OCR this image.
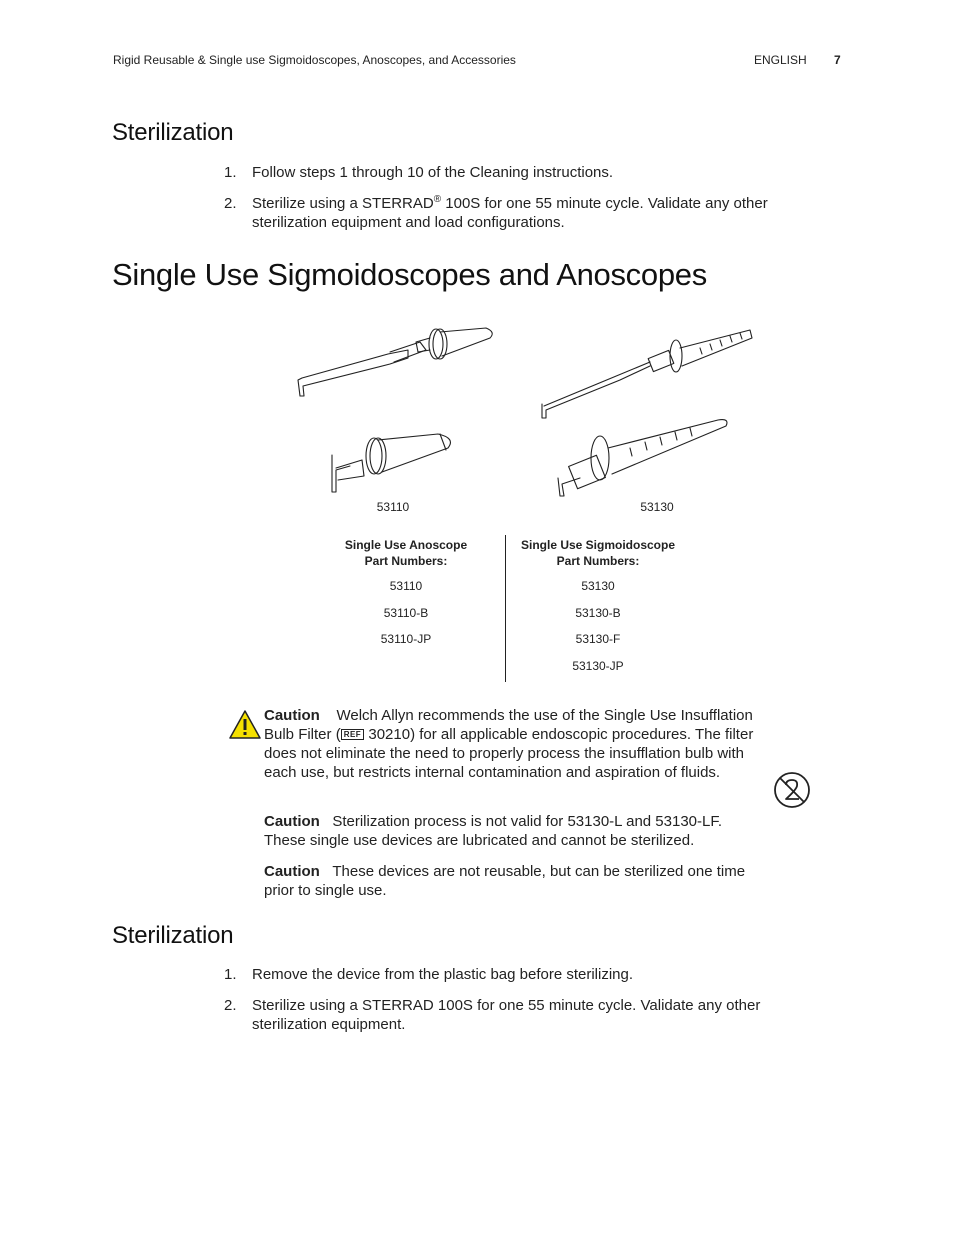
Rigid Reusable & Single use Sigmoidoscopes, Anoscopes, and Accessories	ENGLISH 7
Sterilization
1. Follow steps 1 through 10 of the Cleaning instructions.
2. Sterilize using a STERRAD® 100S for one 55 minute cycle. Validate any other sterilization equipment and load configurations.
Single Use Sigmoidoscopes and Anoscopes
53110	53130
Single Use Anoscope
Part Numbers:
53110
53110-B
53110-JP
Single Use Sigmoidoscope
Part Numbers:
53130
53130-B
53130-F
53130-JP
Caution Welch Allyn recommends the use of the Single Use Insufflation Bulb Filter ( REF 30210) for all applicable endoscopic procedures. The filter does not eliminate the need to properly process the insufflation bulb with each use, but restricts internal contamination and aspiration of fluids.
Caution Sterilization process is not valid for 53130-L and 53130-LF. These single use devices are lubricated and cannot be sterilized.
Caution These devices are not reusable, but can be sterilized one time prior to single use.
Sterilization
1. Remove the device from the plastic bag before sterilizing.
2. Sterilize using a STERRAD 100S for one 55 minute cycle. Validate any other sterilization equipment.
